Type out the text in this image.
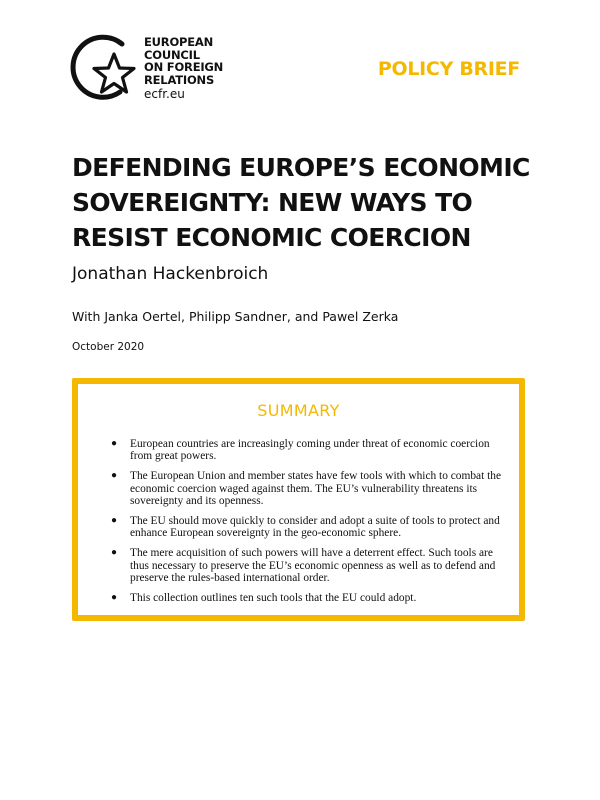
EUROPEAN
COUNCIL
ON FOREIGN
RELATIONS
ecfr.eu
POLICY BRIEF
DEFENDING EUROPE’S ECONOMIC SOVEREIGNTY: NEW WAYS TO RESIST ECONOMIC COERCION
Jonathan Hackenbroich
With Janka Oertel, Philipp Sandner, and Pawel Zerka
October 2020
SUMMARY
● European countries are increasingly coming under threat of economic coercion from great powers.
● The European Union and member states have few tools with which to combat the economic coercion waged against them. The EU’s vulnerability threatens its sovereignty and its openness.
● The EU should move quickly to consider and adopt a suite of tools to protect and enhance European sovereignty in the geo-economic sphere.
● The mere acquisition of such powers will have a deterrent effect. Such tools are thus necessary to preserve the EU’s economic openness as well as to defend and preserve the rules-based international order.
● This collection outlines ten such tools that the EU could adopt.
